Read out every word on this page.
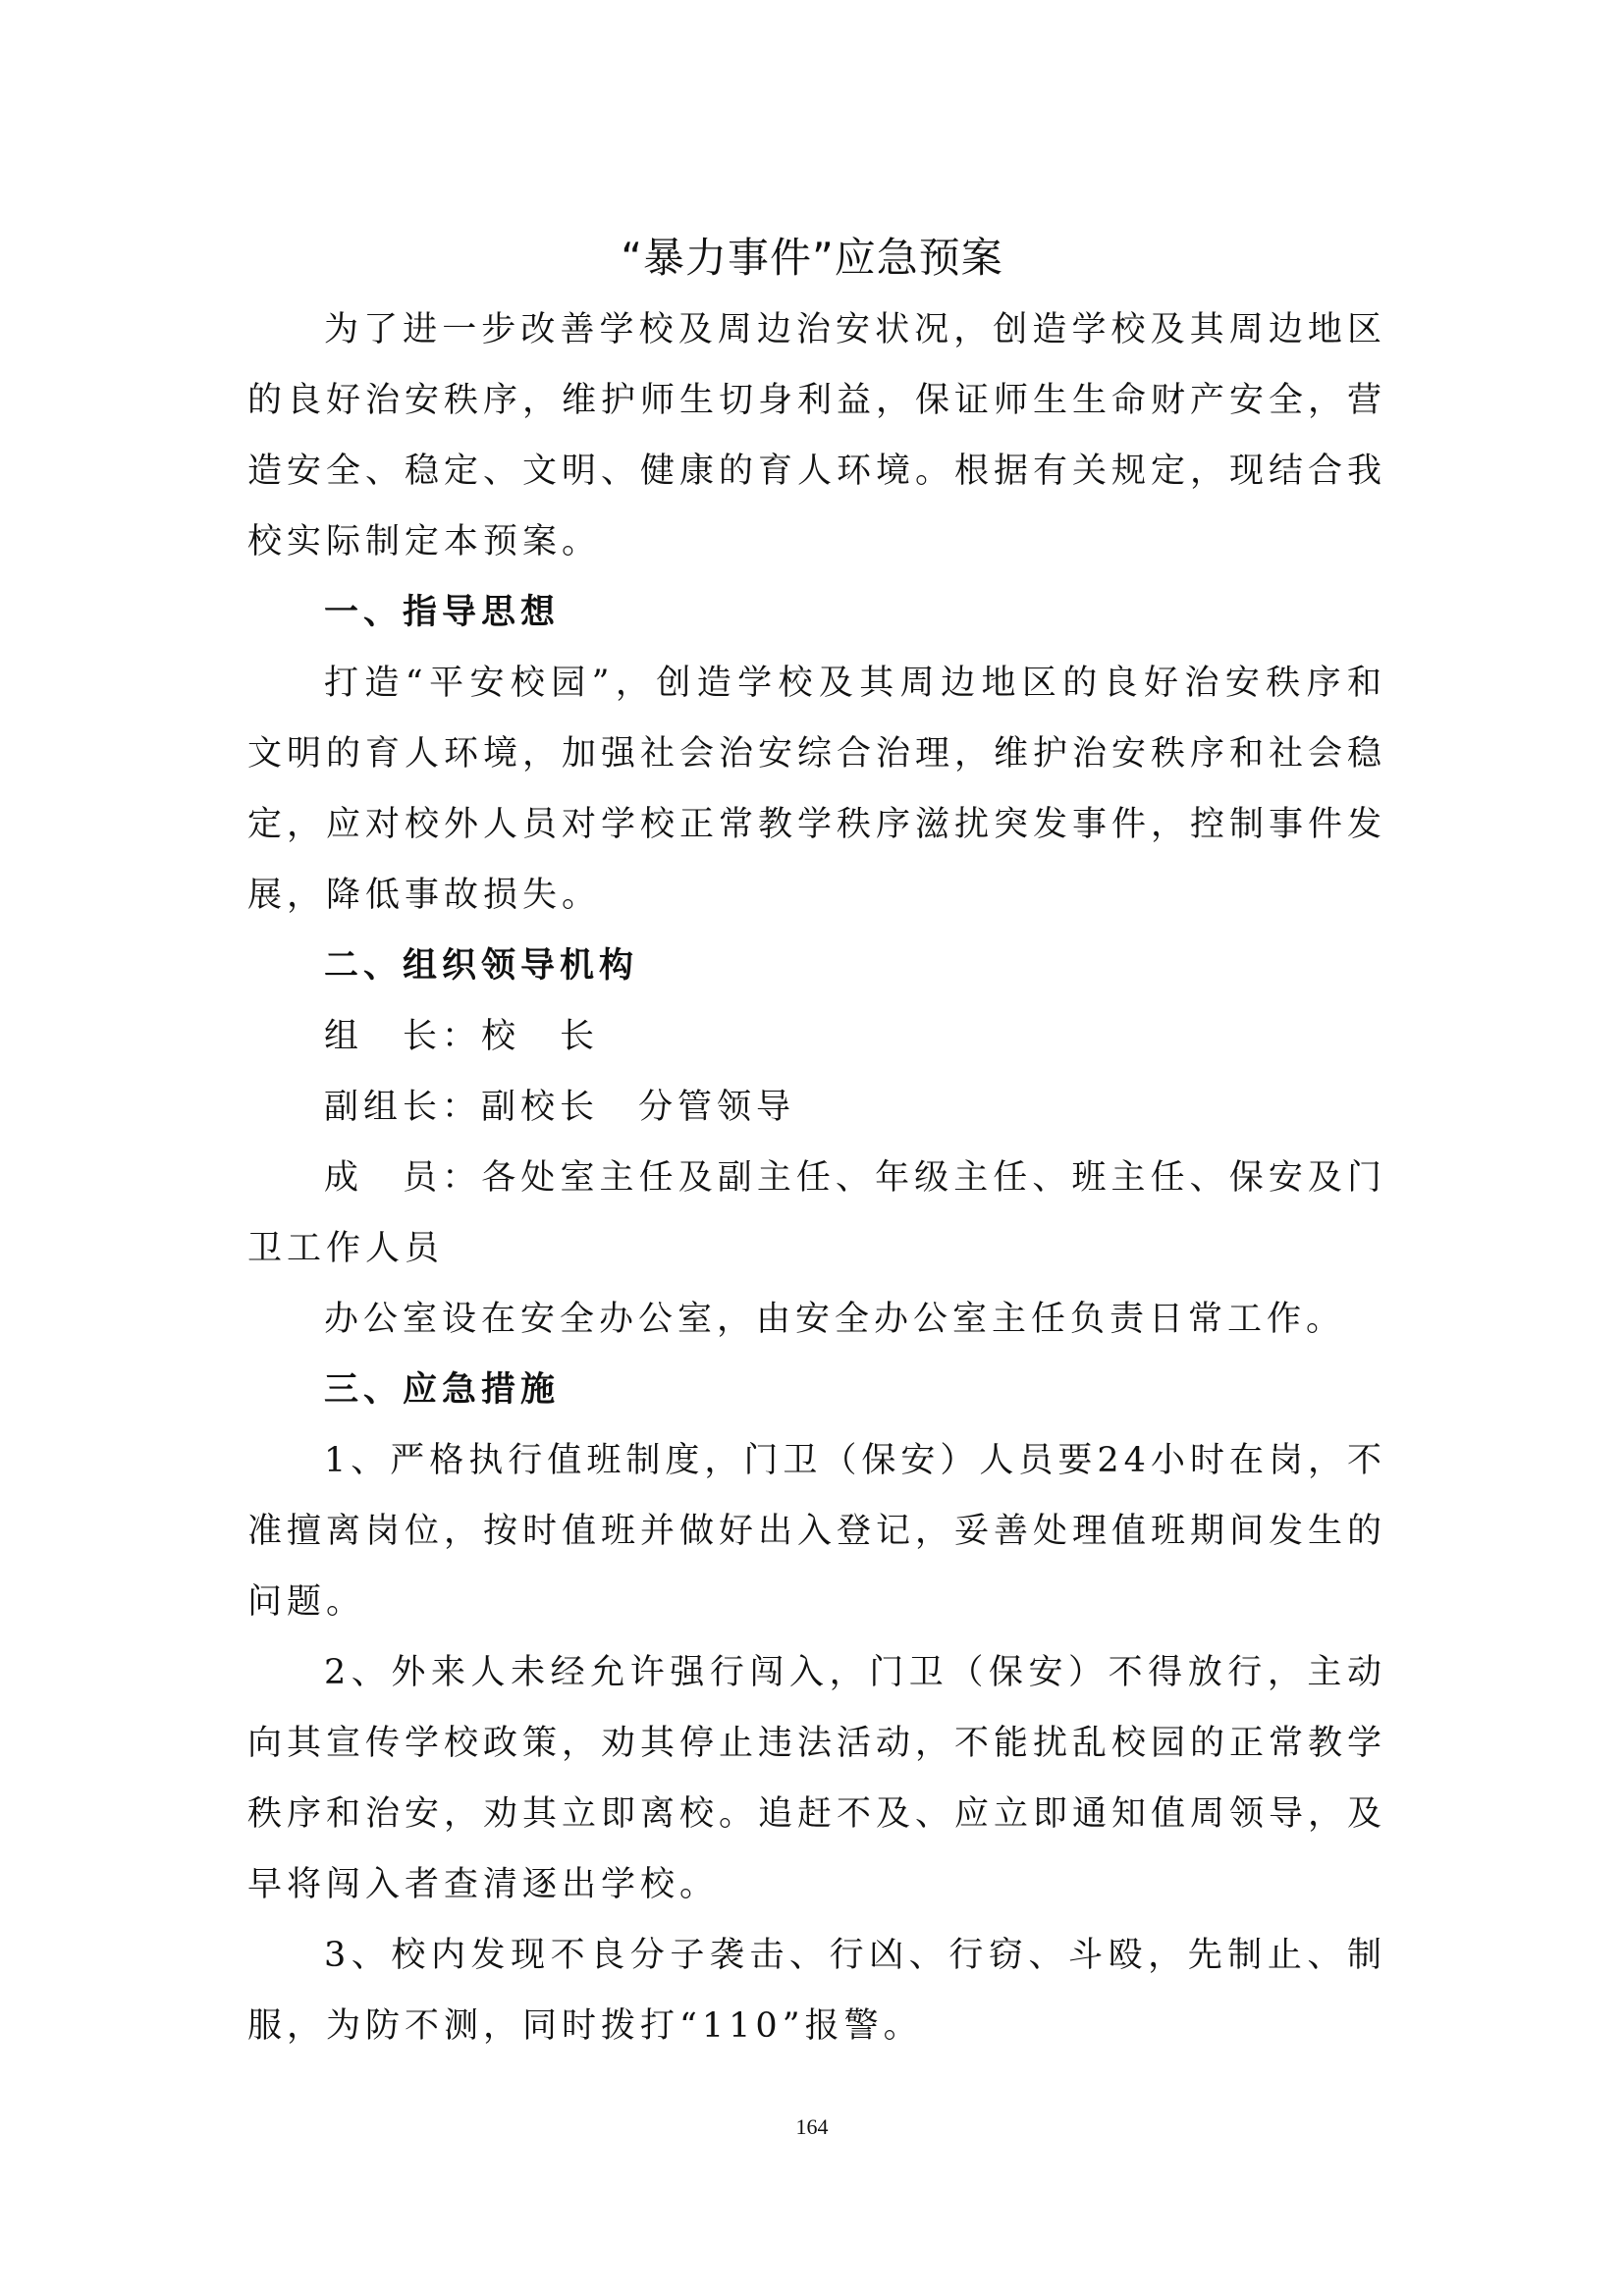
“暴力事件”应急预案

为了进一步改善学校及周边治安状况，创造学校及其周边地区的良好治安秩序，维护师生切身利益，保证师生生命财产安全，营造安全、稳定、文明、健康的育人环境。根据有关规定，现结合我校实际制定本预案。

一、指导思想

打造“平安校园”，创造学校及其周边地区的良好治安秩序和文明的育人环境，加强社会治安综合治理，维护治安秩序和社会稳定，应对校外人员对学校正常教学秩序滋扰突发事件，控制事件发展，降低事故损失。

二、组织领导机构

组　长：校　长

副组长：副校长　分管领导

成　员：各处室主任及副主任、年级主任、班主任、保安及门卫工作人员

办公室设在安全办公室，由安全办公室主任负责日常工作。

三、应急措施

1、严格执行值班制度，门卫（保安）人员要24小时在岗，不准擅离岗位，按时值班并做好出入登记，妥善处理值班期间发生的问题。

2、外来人未经允许强行闯入，门卫（保安）不得放行，主动向其宣传学校政策，劝其停止违法活动，不能扰乱校园的正常教学秩序和治安，劝其立即离校。追赶不及、应立即通知值周领导，及早将闯入者查清逐出学校。

3、校内发现不良分子袭击、行凶、行窃、斗殴，先制止、制服，为防不测，同时拨打“110”报警。

164
